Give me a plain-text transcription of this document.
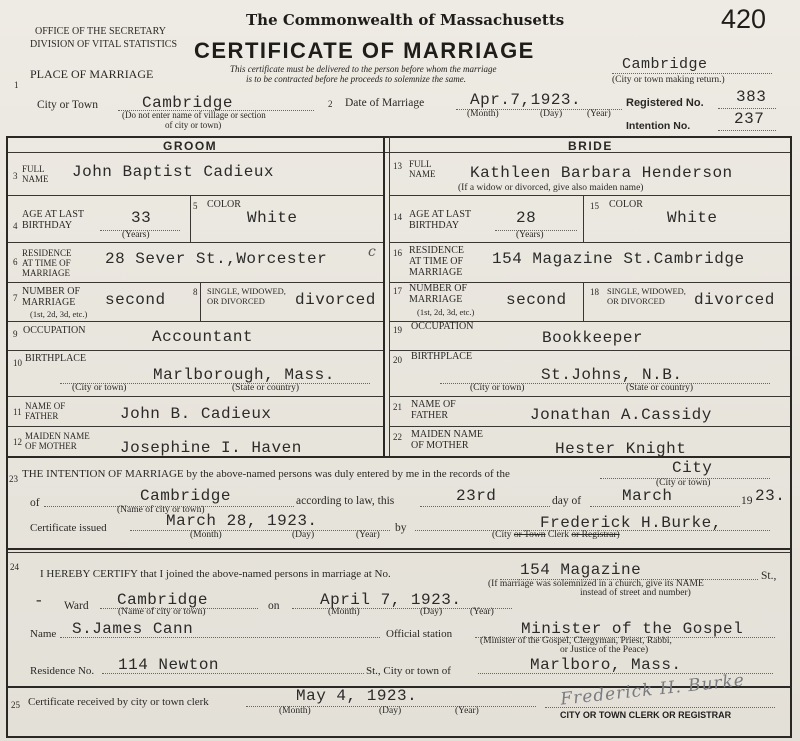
OFFICE OF THE SECRETARY
DIVISION OF VITAL STATISTICS
The Commonwealth of Massachusetts
CERTIFICATE OF MARRIAGE
This certificate must be delivered to the person before whom the marriage
is to be contracted before he proceeds to solemnize the same.
420
Cambridge
(City or town making return.)
1
PLACE OF MARRIAGE
City or Town	Cambridge
(Do not enter name of village or section
of city or town)
2 Date of Marriage	Apr.7,1923.
(Month)	(Day)	(Year)
Registered No. 383
Intention No.	237
GROOM
3
FULL
NAME John Baptist Cadieux
4
AGE AT LAST
BIRTHDAY	33
(Years)
5 COLOR
White
6
RESIDENCE
AT TIME OF
MARRIAGE
28 Sever St.,Worcester	c
7
NUMBER OF
MARRIAGE
(1st, 2d, 3d, etc.)
second	8 SINGLE, WIDOWED,
OR DIVORCED divorced
9 OCCUPATION	Accountant
10 BIRTHPLACE
Marlborough, Mass.
(City or town)	(State or country)
11
NAME OF
FATHER	John B. Cadieux
12
MAIDEN NAME
OF MOTHER	Josephine I. Haven
BRIDE
13 FULL
NAME Kathleen Barbara Henderson
(If a widow or divorced, give also maiden name)
14 AGE AT LAST
BIRTHDAY	28
(Years)
15 COLOR
White
16 RESIDENCE
AT TIME OF
MARRIAGE
154 Magazine St.Cambridge
17 NUMBER OF
MARRIAGE
(1st, 2d, 3d, etc.)
second	18 SINGLE, WIDOWED,
OR DIVORCED divorced
19 OCCUPATION
Bookkeeper
20 BIRTHPLACE
St.Johns, N.B.
(City or town)	(State or country)
21 NAME OF
FATHER	Jonathan A.Cassidy
22 MAIDEN NAME
OF MOTHER	Hester Knight
23 THE INTENTION OF MARRIAGE by the above-named persons was duly entered by me in the records of the	City
(City or town)
of	Cambridge
(Name of city or town)
according to law, this	23rd	day of	March	19 23.
Certificate issued	March 28, 1923.
(Month)	(Day)	(Year)
by	Frederick H.Burke,
(City or Town Clerk or Registrar)
24
I HEREBY CERTIFY that I joined the above-named persons in marriage at No.	154 Magazine	St.,
(If marriage was solemnized in a church, give its NAME
instead of street and number)
- Ward Cambridge
(Name of city or town)	on	April 7, 1923.
(Month)	(Day)	(Year)
Name S.James Cann	Official station	Minister of the Gospel
(Minister of the Gospel, Clergyman, Priest, Rabbi,
or Justice of the Peace)
Residence No. 114 Newton	St., City or town of	Marlboro, Mass.
25 Certificate received by city or town clerk	May 4, 1923.
(Month)	(Day)	(Year)
Frederick H. Burke
CITY OR TOWN CLERK OR REGISTRAR
